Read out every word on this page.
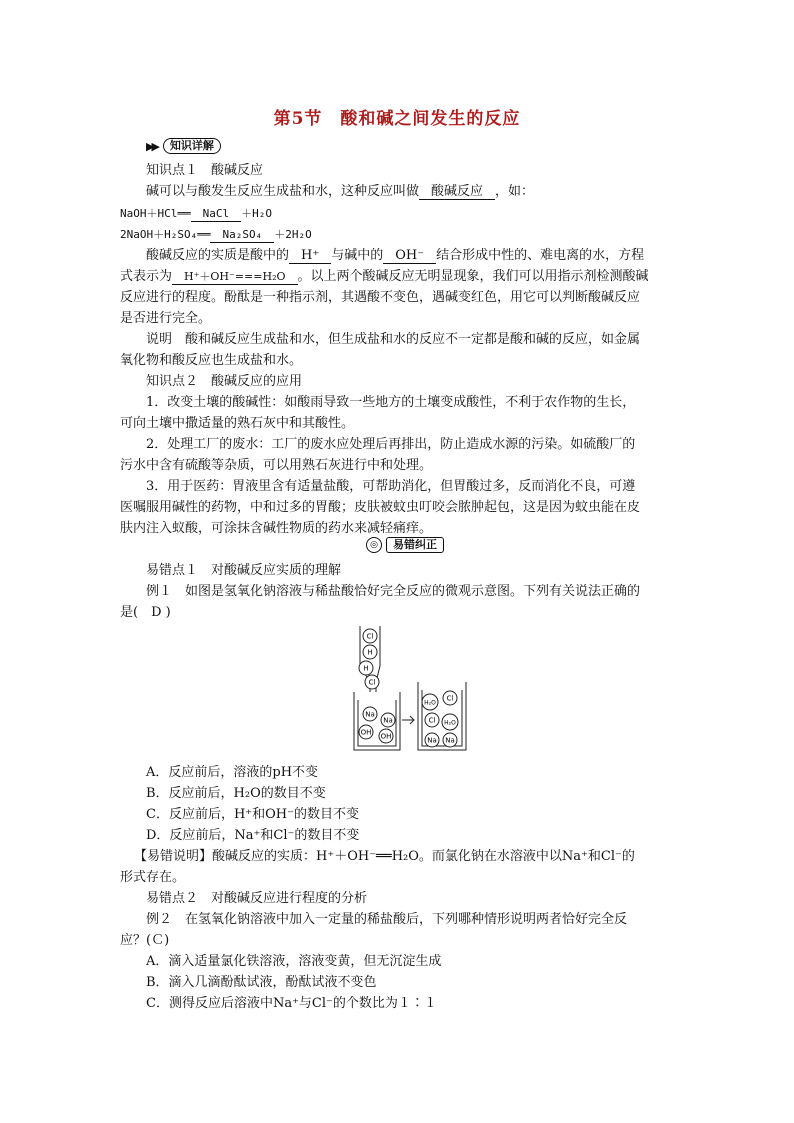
第5节　酸和碱之间发生的反应
▶▶	知识详解
知识点１　酸碱反应
碱可以与酸发生反应生成盐和水，这种反应叫做 酸碱反应 ，如：
NaOH＋HCl══ NaCl ＋H₂O
2NaOH＋H₂SO₄══ Na₂SO₄ ＋2H₂O
酸碱反应的实质是酸中的 H⁺ 与碱中的 OH⁻ 结合形成中性的、难电离的水，方程
式表示为 H⁺＋OH⁻===H₂O 。以上两个酸碱反应无明显现象，我们可以用指示剂检测酸碱
反应进行的程度。酚酞是一种指示剂，其遇酸不变色，遇碱变红色，用它可以判断酸碱反应
是否进行完全。
说明　酸和碱反应生成盐和水，但生成盐和水的反应不一定都是酸和碱的反应，如金属
氧化物和酸反应也生成盐和水。
知识点２　酸碱反应的应用
1．改变土壤的酸碱性：如酸雨导致一些地方的土壤变成酸性，不利于农作物的生长，
可向土壤中撒适量的熟石灰中和其酸性。
2．处理工厂的废水：工厂的废水应处理后再排出，防止造成水源的污染。如硫酸厂的
污水中含有硫酸等杂质，可以用熟石灰进行中和处理。
3．用于医药：胃液里含有适量盐酸，可帮助消化，但胃酸过多，反而消化不良，可遵
医嘱服用碱性的药物，中和过多的胃酸；皮肤被蚊虫叮咬会脓肿起包，这是因为蚊虫能在皮
肤内注入蚁酸，可涂抹含碱性物质的药水来减轻痛痒。
◎	易错纠正
易错点１　对酸碱反应实质的理解
例１　如图是氢氧化钠溶液与稀盐酸恰好完全反应的微观示意图。下列有关说法正确的
是(　D )
Cl
H
H
Cl
Na
Na
OH OH
H₂O
Cl
Cl H₂O
Na Na
A．反应前后，溶液的pH不变
B．反应前后，H₂O的数目不变
C．反应前后，H⁺和OH⁻的数目不变
D．反应前后，Na⁺和Cl⁻的数目不变
【易错说明】酸碱反应的实质：H⁺＋OH⁻══H₂O。而氯化钠在水溶液中以Na⁺和Cl⁻的
形式存在。
易错点２　对酸碱反应进行程度的分析
例２　在氢氧化钠溶液中加入一定量的稀盐酸后，下列哪种情形说明两者恰好完全反
应？(Ｃ)
A．滴入适量氯化铁溶液，溶液变黄，但无沉淀生成
B．滴入几滴酚酞试液，酚酞试液不变色
C．测得反应后溶液中Na⁺与Cl⁻的个数比为１∶１
